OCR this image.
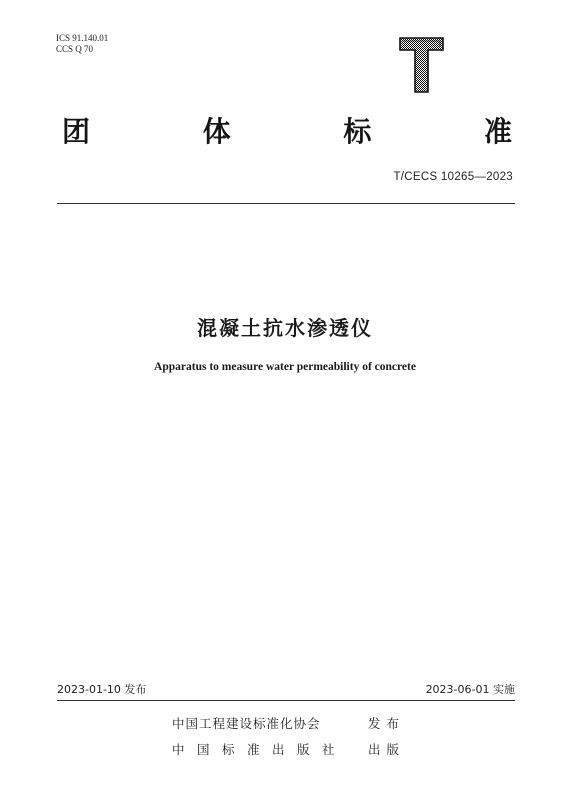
ICS 91.140.01
CCS Q 70
团	体	标	准
T/CECS 10265—2023
混凝土抗水渗透仪
Apparatus to measure water permeability of concrete
2023-01-10 发布	2023-06-01 实施
中国工程建设标准化协会	发布
中国标准出版社 出版
